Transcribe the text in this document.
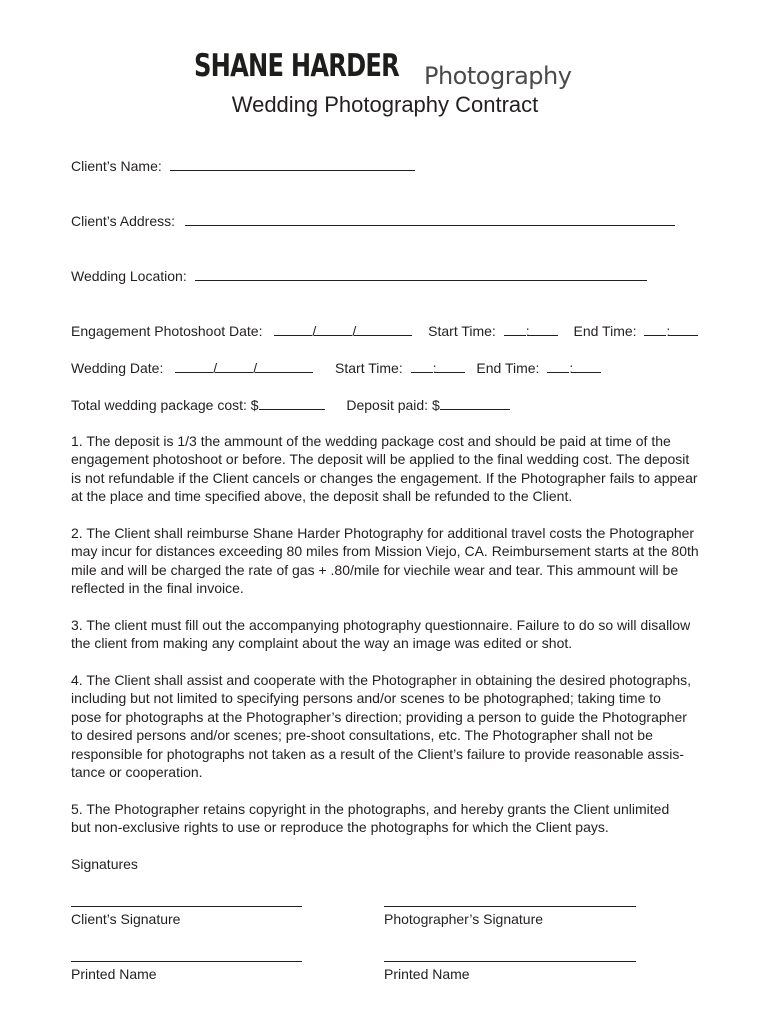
SHANE HARDER Photography
Wedding Photography Contract
Client’s Name:
Client’s Address:
Wedding Location:
Engagement Photoshoot Date:	/	/	Start Time: :	End Time: :
Wedding Date:	/	/	Start Time: :	End Time: :
Total wedding package cost: $	Deposit paid: $
1. The deposit is 1/3 the ammount of the wedding package cost and should be paid at time of the
engagement photoshoot or before. The deposit will be applied to the final wedding cost. The deposit
is not refundable if the Client cancels or changes the engagement. If the Photographer fails to appear
at the place and time specified above, the deposit shall be refunded to the Client.
2. The Client shall reimburse Shane Harder Photography for additional travel costs the Photographer
may incur for distances exceeding 80 miles from Mission Viejo, CA. Reimbursement starts at the 80th
mile and will be charged the rate of gas + .80/mile for viechile wear and tear. This ammount will be
reflected in the final invoice.
3. The client must fill out the accompanying photography questionnaire. Failure to do so will disallow
the client from making any complaint about the way an image was edited or shot.
4. The Client shall assist and cooperate with the Photographer in obtaining the desired photographs,
including but not limited to specifying persons and/or scenes to be photographed; taking time to
pose for photographs at the Photographer’s direction; providing a person to guide the Photographer
to desired persons and/or scenes; pre-shoot consultations, etc. The Photographer shall not be
responsible for photographs not taken as a result of the Client’s failure to provide reasonable assis-
tance or cooperation.
5. The Photographer retains copyright in the photographs, and hereby grants the Client unlimited
but non-exclusive rights to use or reproduce the photographs for which the Client pays.
Signatures
Client’s Signature	Photographer’s Signature
Printed Name	Printed Name
